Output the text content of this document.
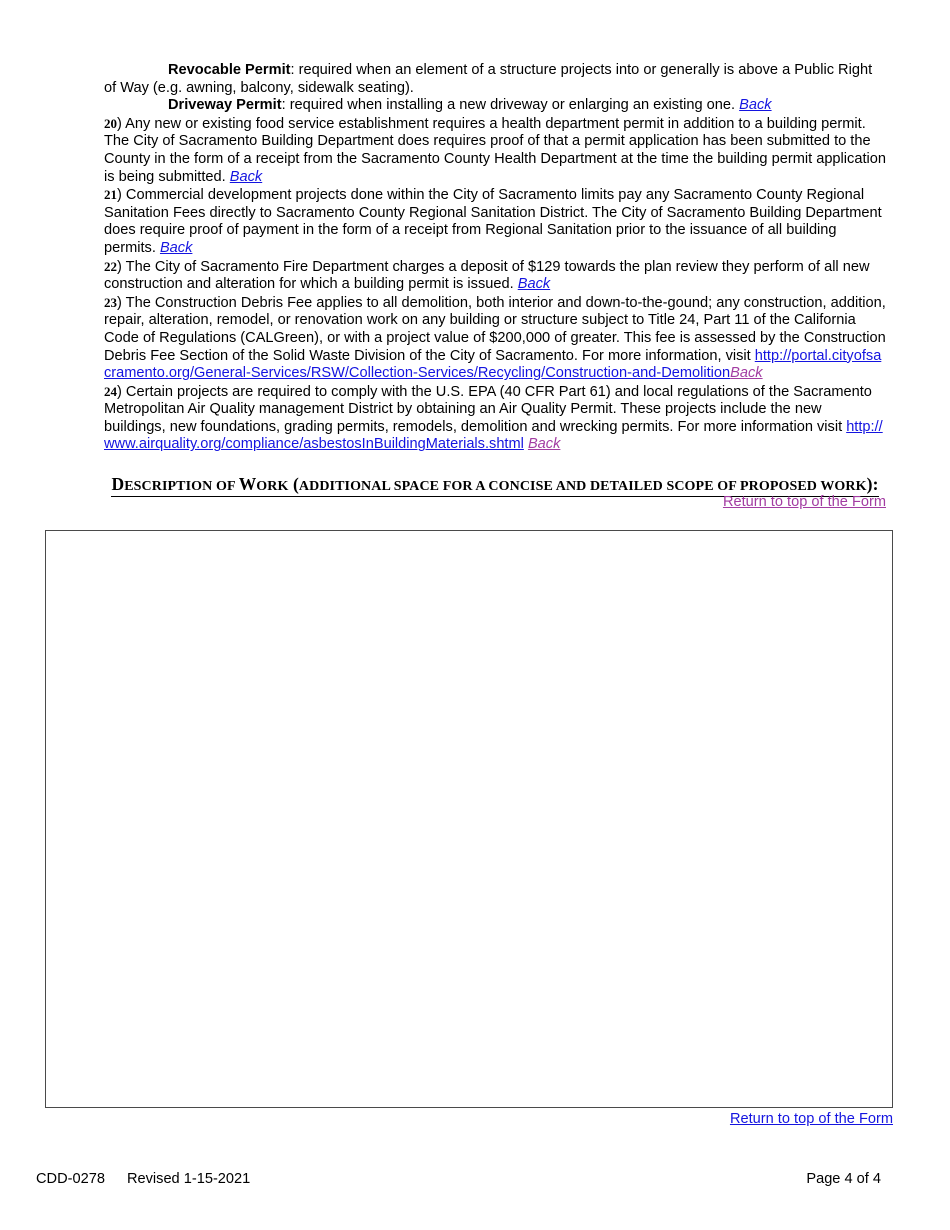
Revocable Permit: required when an element of a structure projects into or generally is above a Public Right of Way (e.g. awning, balcony, sidewalk seating).

Driveway Permit: required when installing a new driveway or enlarging an existing one. Back

20) Any new or existing food service establishment requires a health department permit in addition to a building permit. The City of Sacramento Building Department does requires proof of that a permit application has been submitted to the County in the form of a receipt from the Sacramento County Health Department at the time the building permit application is being submitted. Back

21) Commercial development projects done within the City of Sacramento limits pay any Sacramento County Regional Sanitation Fees directly to Sacramento County Regional Sanitation District. The City of Sacramento Building Department does require proof of payment in the form of a receipt from Regional Sanitation prior to the issuance of all building permits. Back

22) The City of Sacramento Fire Department charges a deposit of $129 towards the plan review they perform of all new construction and alteration for which a building permit is issued. Back

23) The Construction Debris Fee applies to all demolition, both interior and down-to-the-gound; any construction, addition, repair, alteration, remodel, or renovation work on any building or structure subject to Title 24, Part 11 of the California Code of Regulations (CALGreen), or with a project value of $200,000 of greater. This fee is assessed by the Construction Debris Fee Section of the Solid Waste Division of the City of Sacramento. For more information, visit http://portal.cityofsacramento.org/General-Services/RSW/Collection-Services/Recycling/Construction-and-DemolitionBack

24) Certain projects are required to comply with the U.S. EPA (40 CFR Part 61) and local regulations of the Sacramento Metropolitan Air Quality management District by obtaining an Air Quality Permit. These projects include the new buildings, new foundations, grading permits, remodels, demolition and wrecking permits. For more information visit http://www.airquality.org/compliance/asbestosInBuildingMaterials.shtml Back

DESCRIPTION OF WORK (ADDITIONAL SPACE FOR A CONCISE AND DETAILED SCOPE OF PROPOSED WORK):
Return to top of the Form
Return to top of the Form
CDD-0278 Revised 1-15-2021	Page 4 of 4
